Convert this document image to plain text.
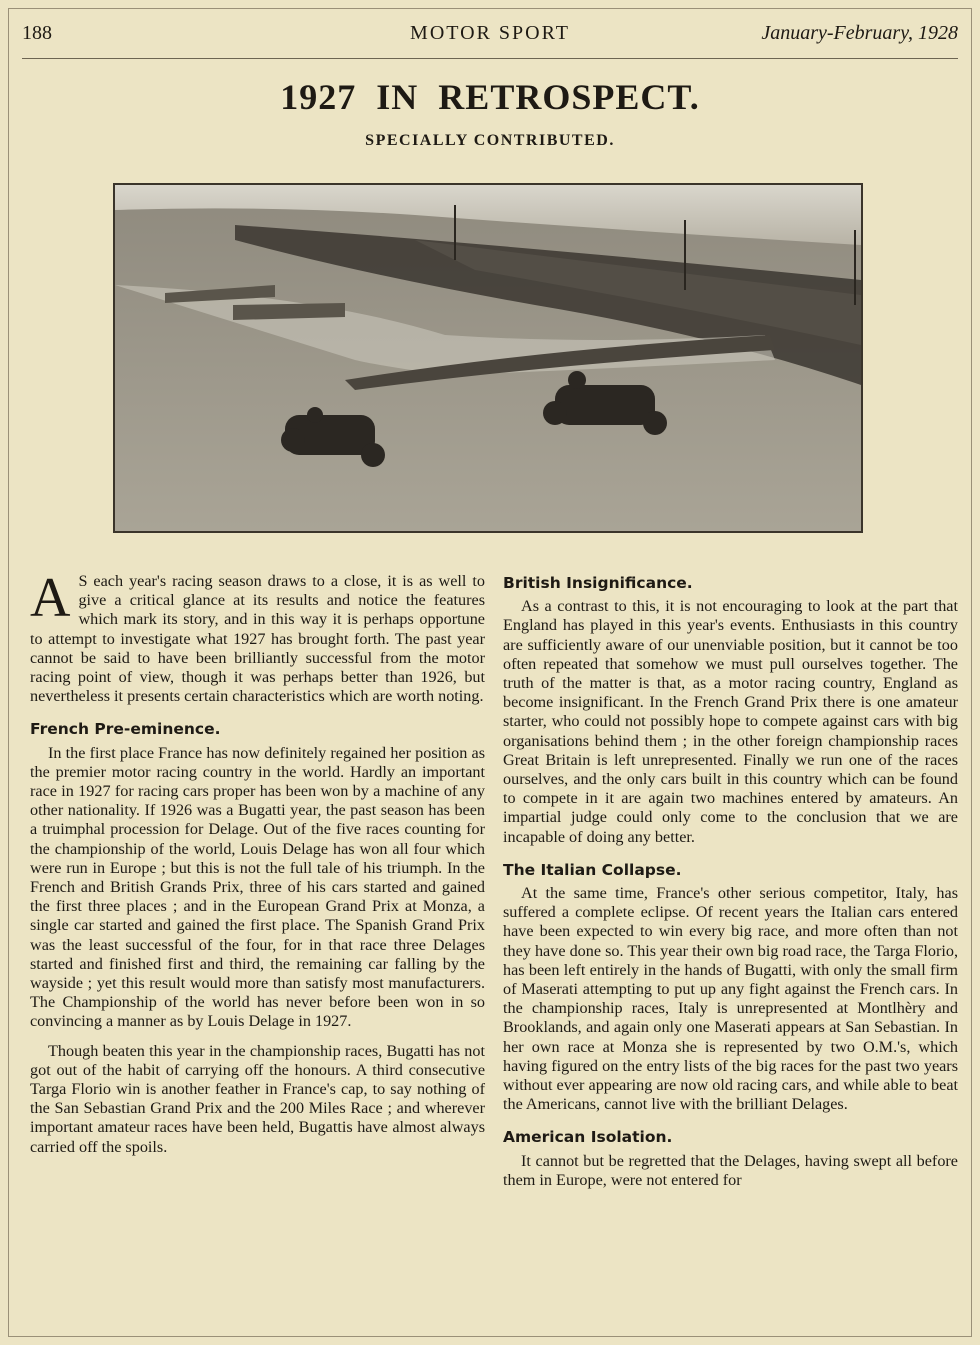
188	MOTOR SPORT	January-February, 1928
1927  IN  RETROSPECT.
SPECIALLY CONTRIBUTED.

A S each year's racing season draws to a close, it is as well to give a critical glance at its results and notice the features which mark its story, and in this way it is perhaps opportune to attempt to investigate what 1927 has brought forth. The past year cannot be said to have been brilliantly successful from the motor racing point of view, though it was perhaps better than 1926, but nevertheless it presents certain characteristics which are worth noting.

French Pre-eminence.

In the first place France has now definitely regained her position as the premier motor racing country in the world. Hardly an important race in 1927 for racing cars proper has been won by a machine of any other nationality. If 1926 was a Bugatti year, the past season has been a truimphal procession for Delage. Out of the five races counting for the championship of the world, Louis Delage has won all four which were run in Europe ; but this is not the full tale of his triumph. In the French and British Grands Prix, three of his cars started and gained the first three places ; and in the European Grand Prix at Monza, a single car started and gained the first place. The Spanish Grand Prix was the least successful of the four, for in that race three Delages started and finished first and third, the remaining car falling by the wayside ; yet this result would more than satisfy most manufacturers. The Championship of the world has never before been won in so convincing a manner as by Louis Delage in 1927.

Though beaten this year in the championship races, Bugatti has not got out of the habit of carrying off the honours. A third consecutive Targa Florio win is another feather in France's cap, to say nothing of the San Sebastian Grand Prix and the 200 Miles Race ; and wherever important amateur races have been held, Bugattis have almost always carried off the spoils.

British Insignificance.

As a contrast to this, it is not encouraging to look at the part that England has played in this year's events. Enthusiasts in this country are sufficiently aware of our unenviable position, but it cannot be too often repeated that somehow we must pull ourselves together. The truth of the matter is that, as a motor racing country, England as become insignificant. In the French Grand Prix there is one amateur starter, who could not possibly hope to compete against cars with big organisations behind them ; in the other foreign championship races Great Britain is left unrepresented. Finally we run one of the races ourselves, and the only cars built in this country which can be found to compete in it are again two machines entered by amateurs. An impartial judge could only come to the conclusion that we are incapable of doing any better.

The Italian Collapse.

At the same time, France's other serious competitor, Italy, has suffered a complete eclipse. Of recent years the Italian cars entered have been expected to win every big race, and more often than not they have done so. This year their own big road race, the Targa Florio, has been left entirely in the hands of Bugatti, with only the small firm of Maserati attempting to put up any fight against the French cars. In the championship races, Italy is unrepresented at Montlhèry and Brooklands, and again only one Maserati appears at San Sebastian. In her own race at Monza she is represented by two O.M.'s, which having figured on the entry lists of the big races for the past two years without ever appearing are now old racing cars, and while able to beat the Americans, cannot live with the brilliant Delages.

American Isolation.

It cannot but be regretted that the Delages, having swept all before them in Europe, were not entered for
